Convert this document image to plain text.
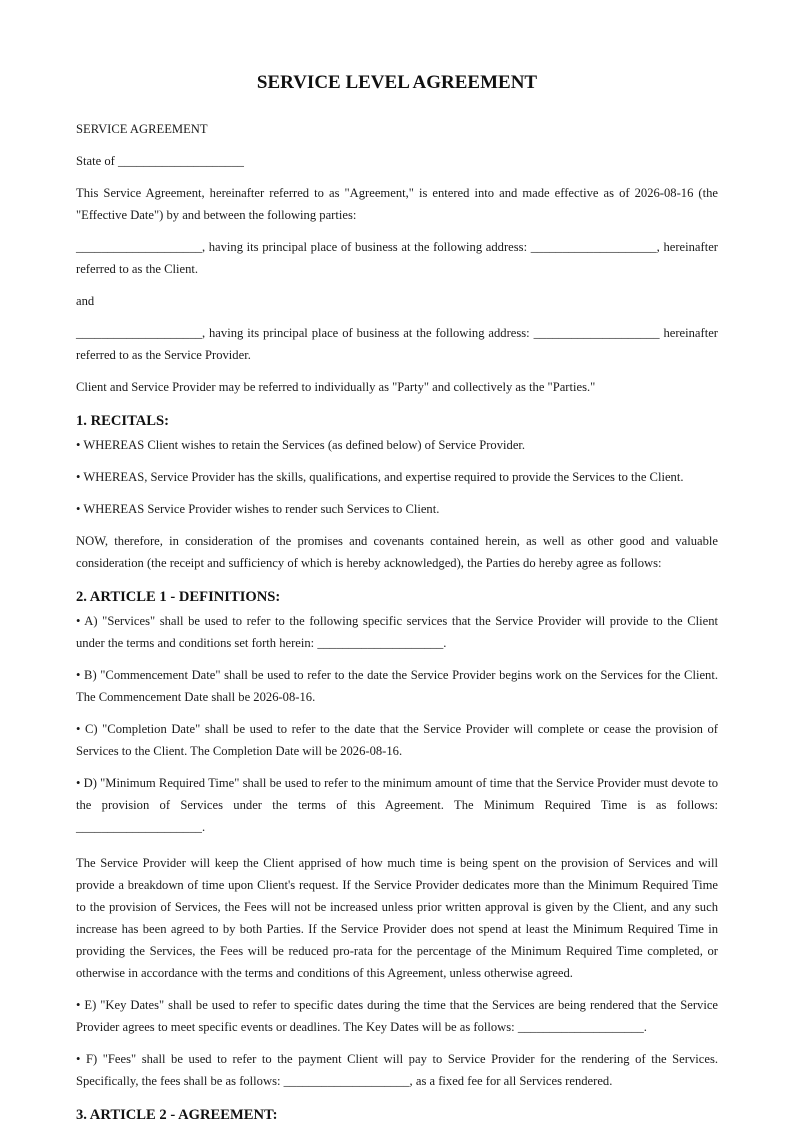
SERVICE LEVEL AGREEMENT

SERVICE AGREEMENT

State of ____________________

This Service Agreement, hereinafter referred to as "Agreement," is entered into and made effective as of 2026-08-16 (the "Effective Date") by and between the following parties:

____________________, having its principal place of business at the following address: ____________________, hereinafter referred to as the Client.

and

____________________, having its principal place of business at the following address: ____________________ hereinafter referred to as the Service Provider.

Client and Service Provider may be referred to individually as "Party" and collectively as the "Parties."

1. RECITALS:

• WHEREAS Client wishes to retain the Services (as defined below) of Service Provider.

• WHEREAS, Service Provider has the skills, qualifications, and expertise required to provide the Services to the Client.

• WHEREAS Service Provider wishes to render such Services to Client.

NOW, therefore, in consideration of the promises and covenants contained herein, as well as other good and valuable consideration (the receipt and sufficiency of which is hereby acknowledged), the Parties do hereby agree as follows:

2. ARTICLE 1 - DEFINITIONS:

• A) "Services" shall be used to refer to the following specific services that the Service Provider will provide to the Client under the terms and conditions set forth herein: ____________________.

• B) "Commencement Date" shall be used to refer to the date the Service Provider begins work on the Services for the Client. The Commencement Date shall be 2026-08-16.

• C) "Completion Date" shall be used to refer to the date that the Service Provider will complete or cease the provision of Services to the Client. The Completion Date will be 2026-08-16.

• D) "Minimum Required Time" shall be used to refer to the minimum amount of time that the Service Provider must devote to the provision of Services under the terms of this Agreement. The Minimum Required Time is as follows: ____________________.

The Service Provider will keep the Client apprised of how much time is being spent on the provision of Services and will provide a breakdown of time upon Client's request. If the Service Provider dedicates more than the Minimum Required Time to the provision of Services, the Fees will not be increased unless prior written approval is given by the Client, and any such increase has been agreed to by both Parties. If the Service Provider does not spend at least the Minimum Required Time in providing the Services, the Fees will be reduced pro-rata for the percentage of the Minimum Required Time completed, or otherwise in accordance with the terms and conditions of this Agreement, unless otherwise agreed.

• E) "Key Dates" shall be used to refer to specific dates during the time that the Services are being rendered that the Service Provider agrees to meet specific events or deadlines. The Key Dates will be as follows: ____________________.

• F) "Fees" shall be used to refer to the payment Client will pay to Service Provider for the rendering of the Services. Specifically, the fees shall be as follows: ____________________, as a fixed fee for all Services rendered.

3. ARTICLE 2 - AGREEMENT:
